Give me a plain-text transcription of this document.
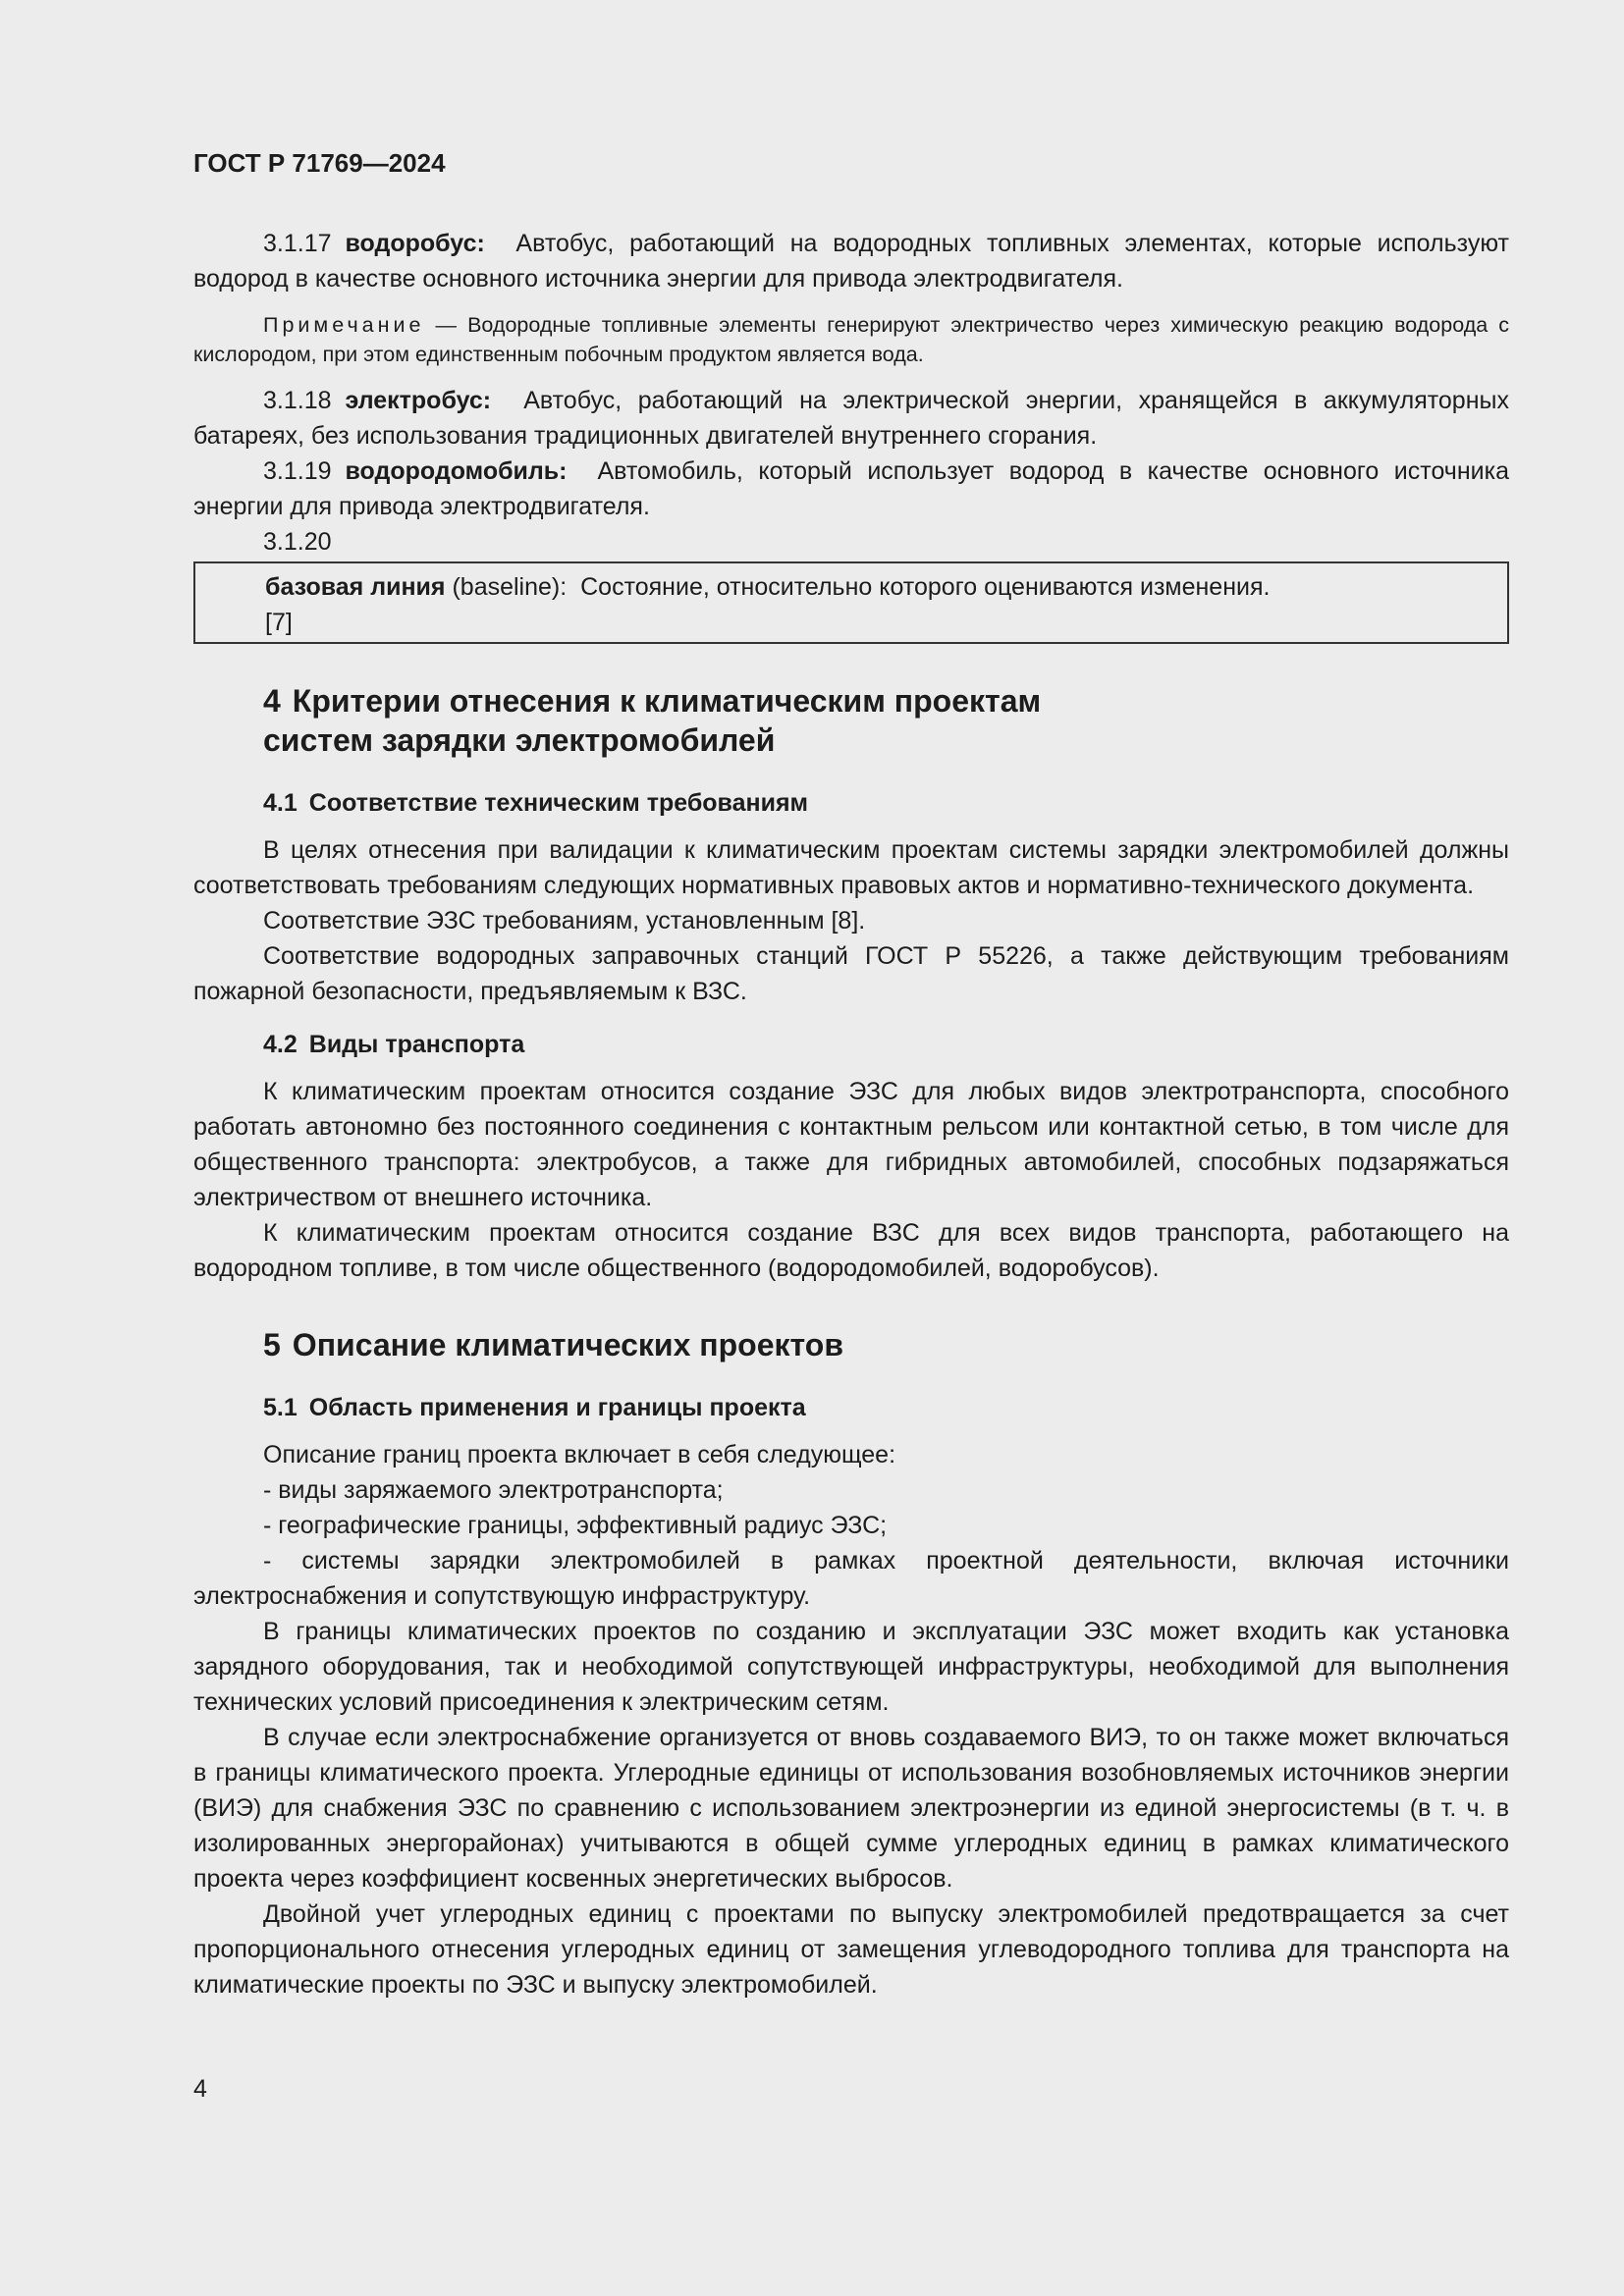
ГОСТ Р 71769—2024

3.1.17 водоробус: Автобус, работающий на водородных топливных элементах, которые используют водород в качестве основного источника энергии для привода электродвигателя.

Примечание — Водородные топливные элементы генерируют электричество через химическую реакцию водорода с кислородом, при этом единственным побочным продуктом является вода.

3.1.18 электробус: Автобус, работающий на электрической энергии, хранящейся в аккумуляторных батареях, без использования традиционных двигателей внутреннего сгорания.

3.1.19 водородомобиль: Автомобиль, который использует водород в качестве основного источника энергии для привода электродвигателя.

3.1.20

базовая линия (baseline): Состояние, относительно которого оцениваются изменения.

[7]

4 Критерии отнесения к климатическим проектам
систем зарядки электромобилей
4.1 Соответствие техническим требованиям

В целях отнесения при валидации к климатическим проектам системы зарядки электромобилей должны соответствовать требованиям следующих нормативных правовых актов и нормативно-технического документа.

Соответствие ЭЗС требованиям, установленным [8].

Соответствие водородных заправочных станций ГОСТ Р 55226, а также действующим требованиям пожарной безопасности, предъявляемым к ВЗС.

4.2 Виды транспорта

К климатическим проектам относится создание ЭЗС для любых видов электротранспорта, способного работать автономно без постоянного соединения с контактным рельсом или контактной сетью, в том числе для общественного транспорта: электробусов, а также для гибридных автомобилей, способных подзаряжаться электричеством от внешнего источника.

К климатическим проектам относится создание ВЗС для всех видов транспорта, работающего на водородном топливе, в том числе общественного (водородомобилей, водоробусов).

5 Описание климатических проектов
5.1 Область применения и границы проекта

Описание границ проекта включает в себя следующее:

- виды заряжаемого электротранспорта;

- географические границы, эффективный радиус ЭЗС;

- системы зарядки электромобилей в рамках проектной деятельности, включая источники электроснабжения и сопутствующую инфраструктуру.

В границы климатических проектов по созданию и эксплуатации ЭЗС может входить как установка зарядного оборудования, так и необходимой сопутствующей инфраструктуры, необходимой для выполнения технических условий присоединения к электрическим сетям.

В случае если электроснабжение организуется от вновь создаваемого ВИЭ, то он также может включаться в границы климатического проекта. Углеродные единицы от использования возобновляемых источников энергии (ВИЭ) для снабжения ЭЗС по сравнению с использованием электроэнергии из единой энергосистемы (в т. ч. в изолированных энергорайонах) учитываются в общей сумме углеродных единиц в рамках климатического проекта через коэффициент косвенных энергетических выбросов.

Двойной учет углеродных единиц с проектами по выпуску электромобилей предотвращается за счет пропорционального отнесения углеродных единиц от замещения углеводородного топлива для транспорта на климатические проекты по ЭЗС и выпуску электромобилей.

4
